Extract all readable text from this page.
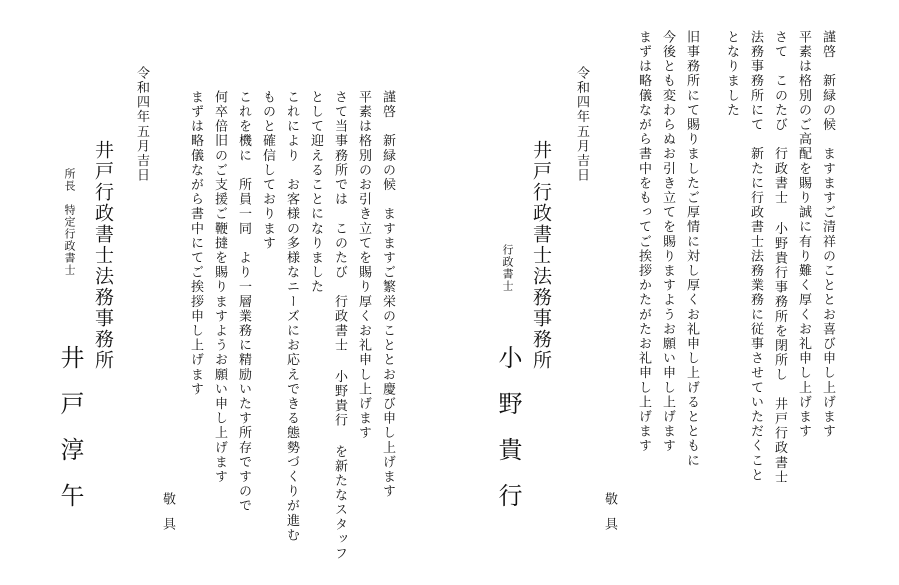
謹啓　新緑の候　ますますご清祥のこととお喜び申し上げます
平素は格別のご高配を賜り誠に有り難く厚くお礼申し上げます
さて　このたび　行政書士 小野貴行事務所を閉所し　井戸行政書士
法務事務所にて　新たに行政書士法務業務に従事させていただくこと
となりました
旧事務所にて賜りましたご厚情に対し厚くお礼申し上げるとともに
今後とも変わらぬお引き立てを賜りますようお願い申し上げます
まずは略儀ながら書中をもってご挨拶かたがたお礼申し上げます
敬具
令和四年五月吉日
井戸行政書士法務事務所
行政書士
小野貴行
謹啓　新緑の候　ますますご繁栄のこととお慶び申し上げます
平素は格別のお引き立てを賜り厚くお礼申し上げます
さて当事務所では　このたび　行政書士 小野貴行 を新たなスタッフ
として迎えることになりました
これにより　お客様の多様なニーズにお応えできる態勢づくりが進む
ものと確信しております
これを機に　所員一同　より一層業務に精励いたす所存ですので
何卒倍旧のご支援ご鞭撻を賜りますようお願い申し上げます
まずは略儀ながら書中にてご挨拶申し上げます
敬具
令和四年五月吉日
井戸行政書士法務事務所
所長　特定行政書士
井戸淳午
